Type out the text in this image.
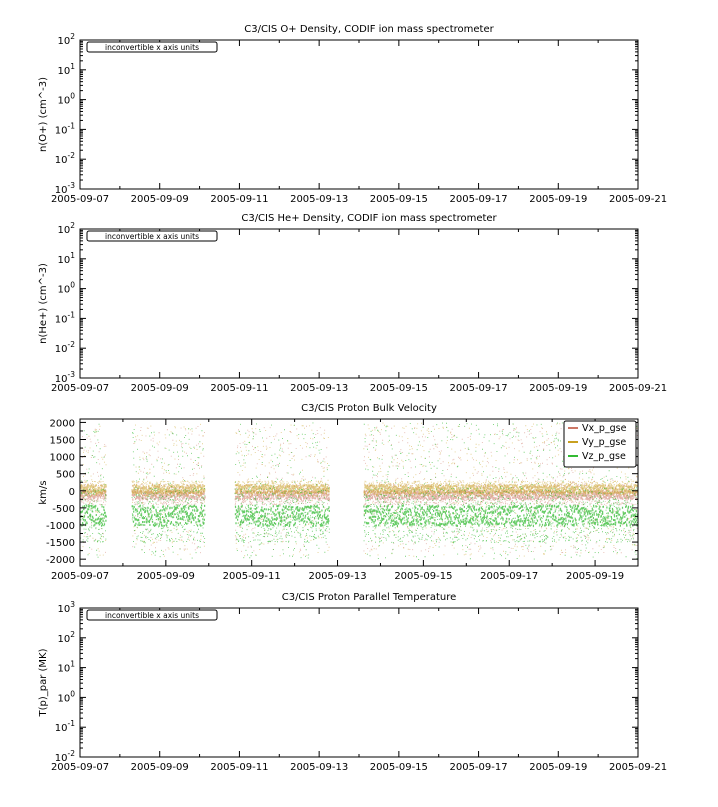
C3/CIS O+ Density, CODIF ion mass spectrometer
n(O+) (cm^-3)
2005-09-07 2005-09-09 2005-09-11 2005-09-13 2005-09-15 2005-09-17 2005-09-19 2005-09-21
$10^{-3}$
$10^{-2}$
$10^{-1}$
$10^0$
$10^1$
$10^2$
inconvertible x axis units
C3/CIS He+ Density, CODIF ion mass spectrometer
n(He+) (cm^-3)
2005-09-07 2005-09-09 2005-09-11 2005-09-13 2005-09-15 2005-09-17 2005-09-19 2005-09-21
$10^{-3}$
$10^{-2}$
$10^{-1}$
$10^0$
$10^1$
$10^2$
inconvertible x axis units
C3/CIS Proton Bulk Velocity
km/s
2005-09-07	2005-09-09	2005-09-11	2005-09-13	2005-09-15	2005-09-17	2005-09-19
-2000
-1500
-1000
-500
0
500
1000
1500
2000	Vx_p_gse
Vy_p_gse
Vz_p_gse
C3/CIS Proton Parallel Temperature
T(p)_par (MK)
2005-09-07 2005-09-09 2005-09-11 2005-09-13 2005-09-15 2005-09-17 2005-09-19 2005-09-21
$10^{-2}$
$10^{-1}$
$10^0$
$10^1$
$10^2$
$10^3$
inconvertible x axis units
